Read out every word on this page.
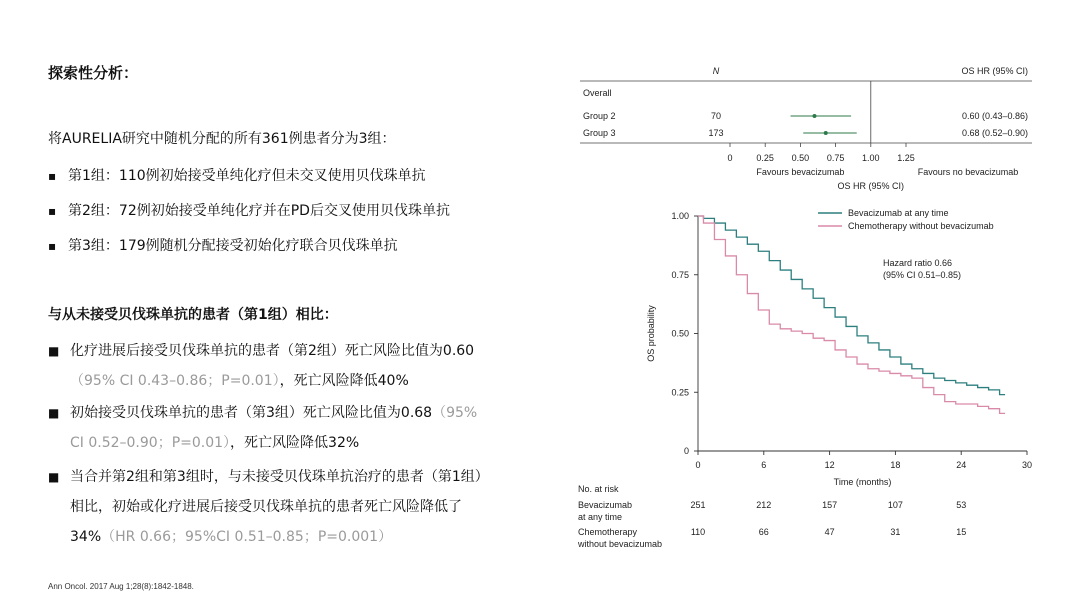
探索性分析：
将AURELIA研究中随机分配的所有361例患者分为3组：
▪ 第1组：110例初始接受单纯化疗但未交叉使用贝伐珠单抗
▪ 第2组：72例初始接受单纯化疗并在PD后交叉使用贝伐珠单抗
▪ 第3组：179例随机分配接受初始化疗联合贝伐珠单抗
与从未接受贝伐珠单抗的患者（第1组）相比：
■ 化疗进展后接受贝伐珠单抗的患者（第2组）死亡风险比值为0.60
（95% CI 0.43–0.86；P=0.01），死亡风险降低40%
■ 初始接受贝伐珠单抗的患者（第3组）死亡风险比值为0.68（95%
CI 0.52–0.90；P=0.01），死亡风险降低32%
■ 当合并第2组和第3组时，与未接受贝伐珠单抗治疗的患者（第1组）
相比，初始或化疗进展后接受贝伐珠单抗的患者死亡风险降低了
34%（HR 0.66；95%CI 0.51–0.85；P=0.001）
Ann Oncol. 2017 Aug 1;28(8):1842-1848.
N	OS HR (95% CI)
Overall
Group 2	70	0.60 (0.43–0.86)
Group 3	173	0.68 (0.52–0.90)
0	0.25 0.50 0.75 1.00 1.25
Favours bevacizumab	Favours no bevacizumab
OS HR (95% CI)
0
0.25
0.50
0.75
1.00
0	6	12	18	24	30
Time (months)
OS probability
Bevacizumab at any time
Chemotherapy without bevacizumab
Hazard ratio 0.66
(95% CI 0.51–0.85)
No. at risk
Bevacizumab
at any time
251	212	157	107	53
Chemotherapy
without bevacizumab
110	66	47	31	15
